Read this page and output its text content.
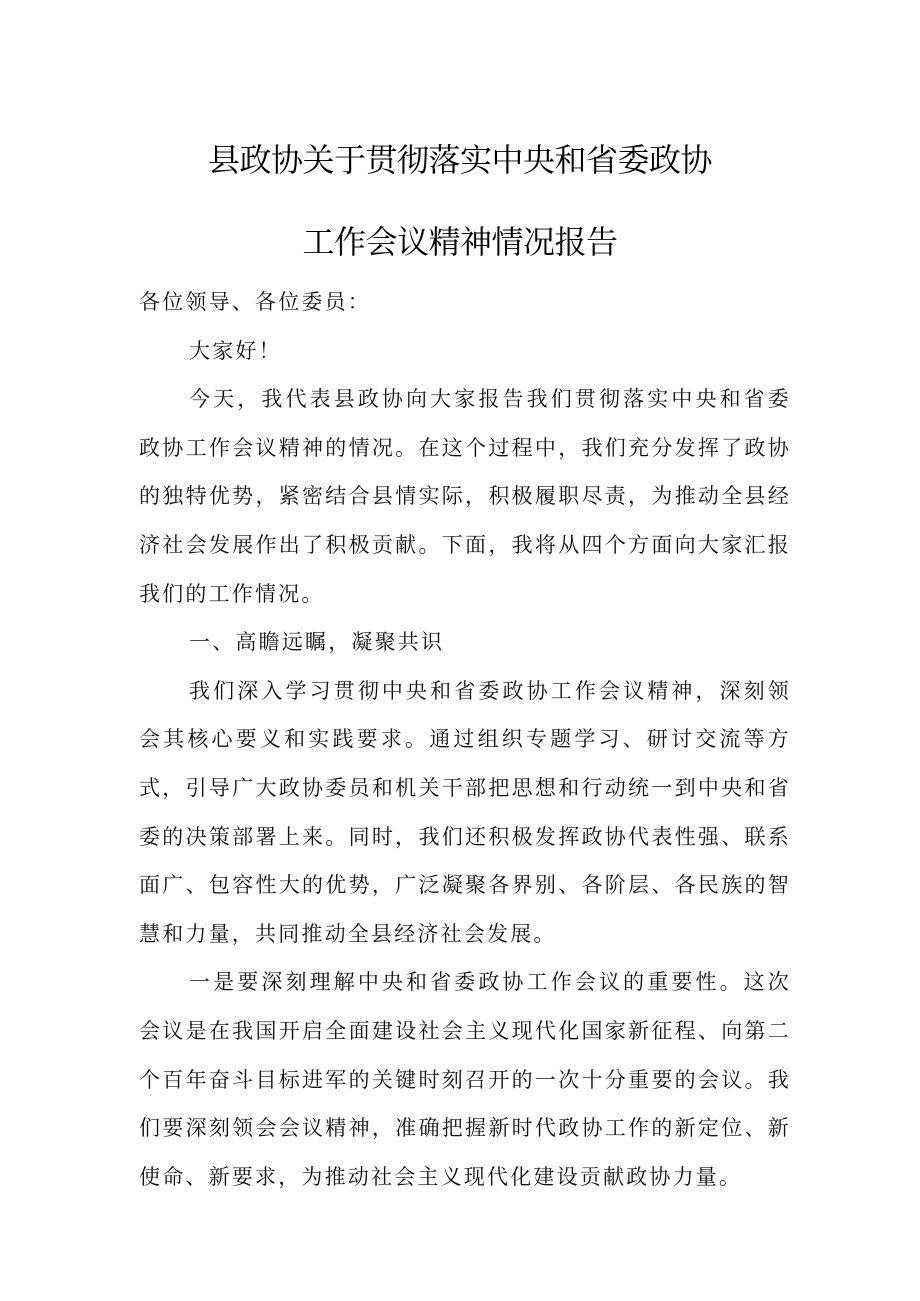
县政协关于贯彻落实中央和省委政协
工作会议精神情况报告

各位领导、各位委员：

大家好！

今天，我代表县政协向大家报告我们贯彻落实中央和省委政协工作会议精神的情况。在这个过程中，我们充分发挥了政协的独特优势，紧密结合县情实际，积极履职尽责，为推动全县经济社会发展作出了积极贡献。下面，我将从四个方面向大家汇报我们的工作情况。

一、高瞻远瞩，凝聚共识

我们深入学习贯彻中央和省委政协工作会议精神，深刻领会其核心要义和实践要求。通过组织专题学习、研讨交流等方式，引导广大政协委员和机关干部把思想和行动统一到中央和省委的决策部署上来。同时，我们还积极发挥政协代表性强、联系面广、包容性大的优势，广泛凝聚各界别、各阶层、各民族的智慧和力量，共同推动全县经济社会发展。

一是要深刻理解中央和省委政协工作会议的重要性。这次会议是在我国开启全面建设社会主义现代化国家新征程、向第二个百年奋斗目标进军的关键时刻召开的一次十分重要的会议。我们要深刻领会会议精神，准确把握新时代政协工作的新定位、新使命、新要求，为推动社会主义现代化建设贡献政协力量。
